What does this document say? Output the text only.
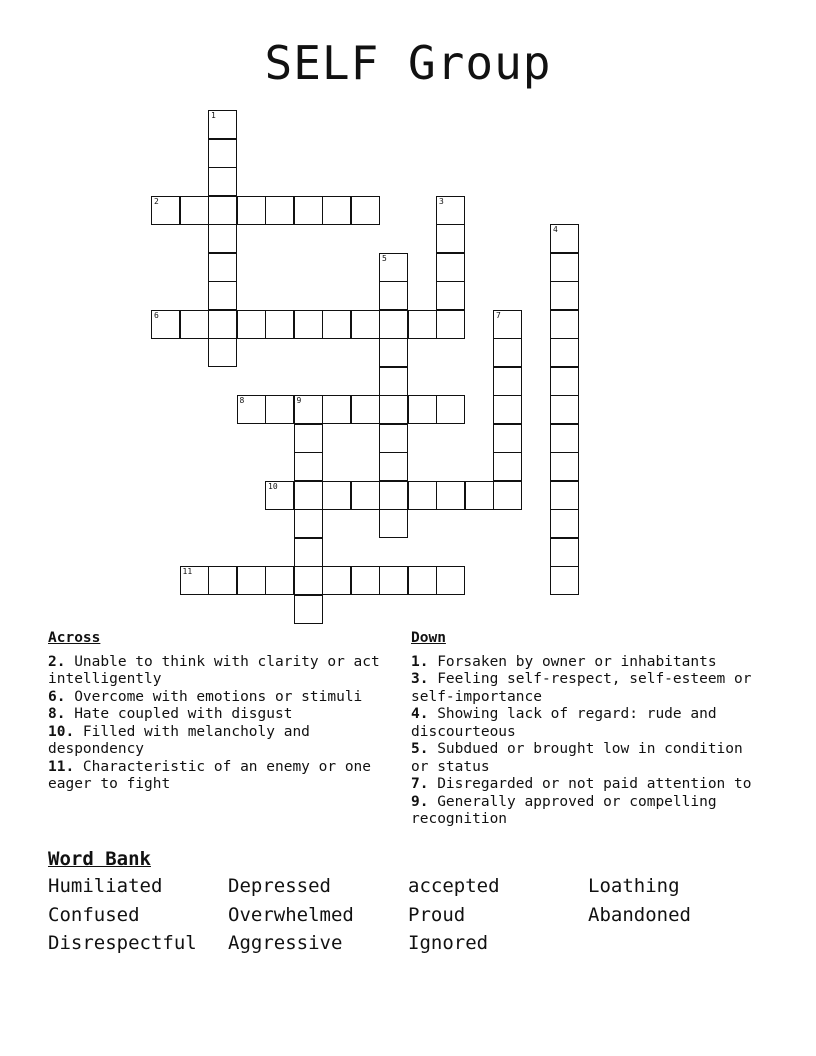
SELF Group
1
2	3
4
5
6	7
8	9
10
11
Across
2. Unable to think with clarity or act intelligently
6. Overcome with emotions or stimuli
8. Hate coupled with disgust
10. Filled with melancholy and despondency
11. Characteristic of an enemy or one eager to fight
Down
1. Forsaken by owner or inhabitants
3. Feeling self-respect, self-esteem or self-importance
4. Showing lack of regard: rude and discourteous
5. Subdued or brought low in condition or status
7. Disregarded or not paid attention to
9. Generally approved or compelling recognition
Word Bank
Humiliated	Depressed	accepted	Loathing
Confused	Overwhelmed	Proud	Abandoned
Disrespectful	Aggressive	Ignored
